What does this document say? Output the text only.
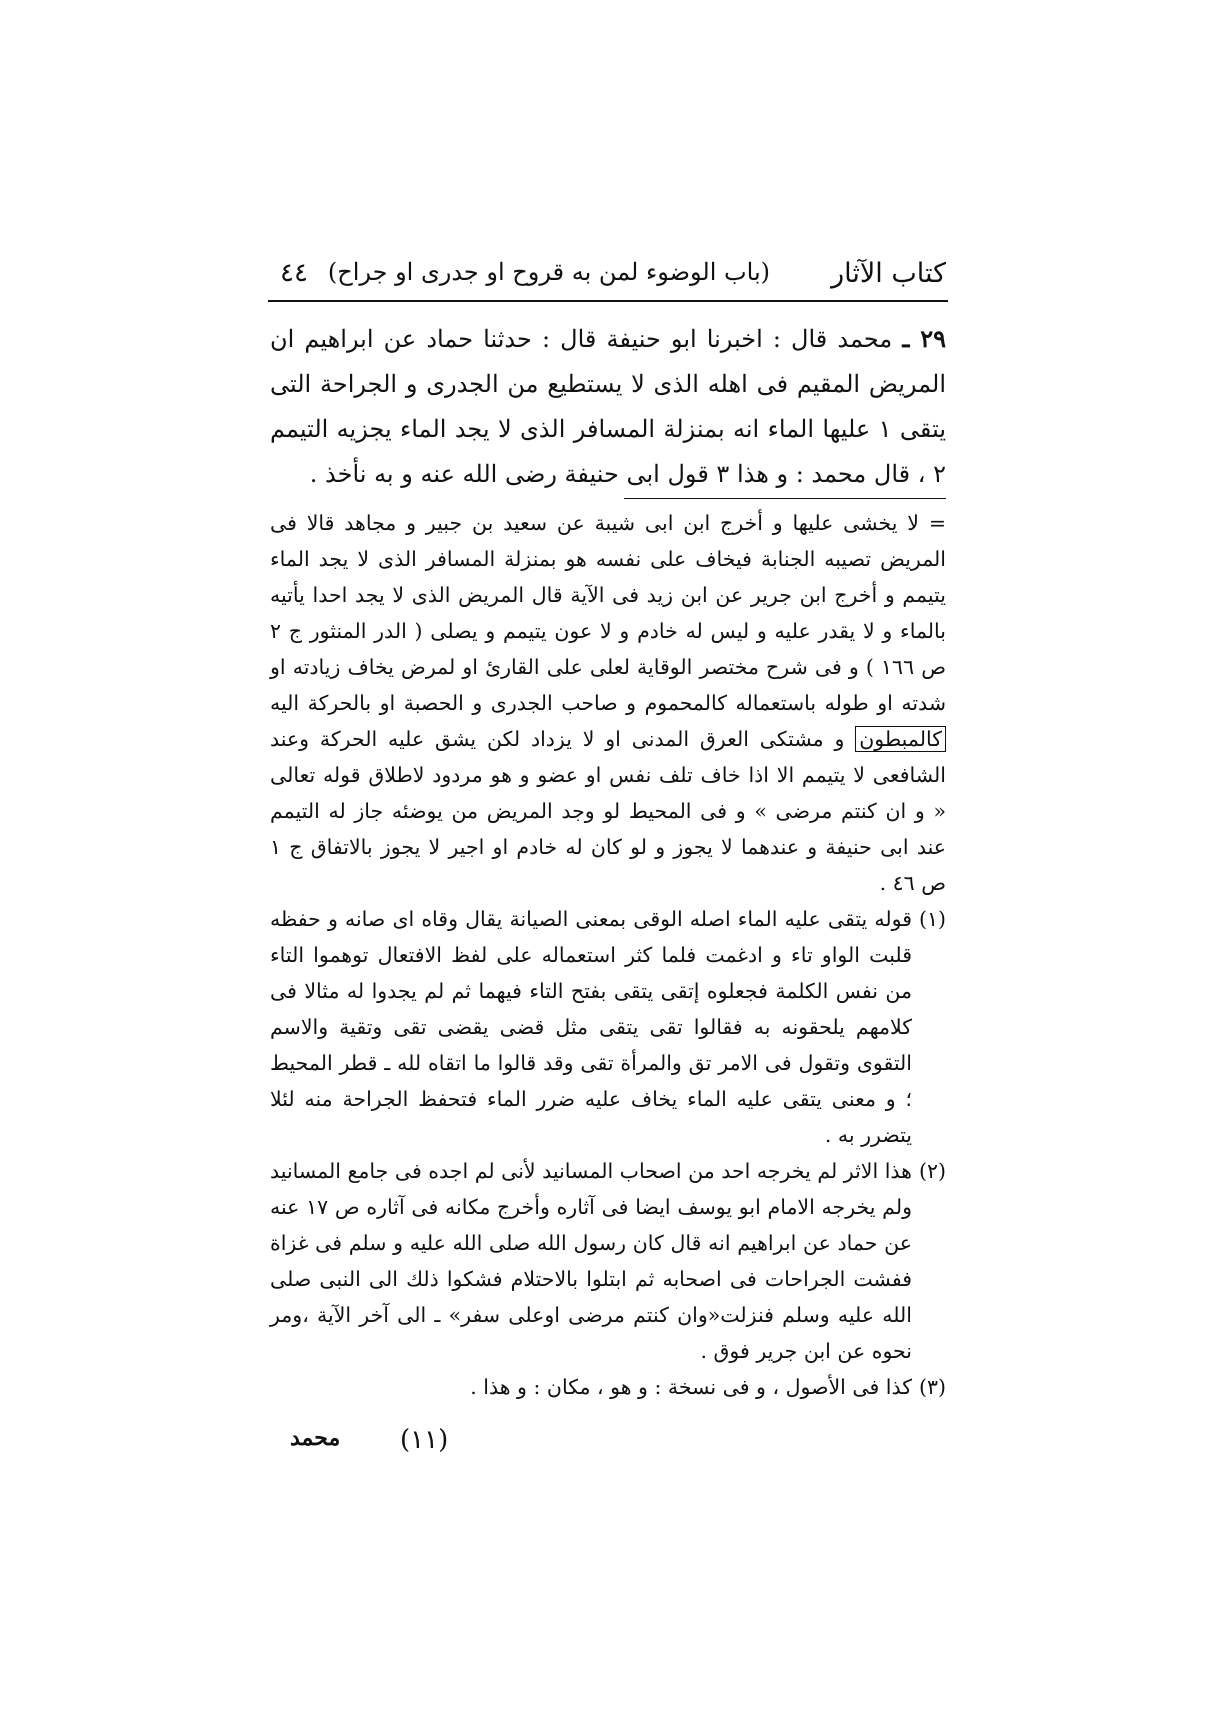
كتاب الآثار
(باب الوضوء لمن به قروح او جدرى او جراح)
٤٤
٢٩ ـ محمد قال : اخبرنا ابو حنيفة قال : حدثنا حماد عن ابراهيم ان المريض المقيم فى اهله الذى لا يستطيع من الجدرى و الجراحة التى يتقى ١ عليها الماء انه بمنزلة المسافر الذى لا يجد الماء يجزيه التيمم ٢ ، قال محمد : و هذا ٣ قول ابى حنيفة رضى الله عنه و به نأخذ .

= لا يخشى عليها و أخرج ابن ابى شيبة عن سعيد بن جبير و مجاهد قالا فى المريض تصيبه الجنابة فيخاف على نفسه هو بمنزلة المسافر الذى لا يجد الماء يتيمم و أخرج ابن جرير عن ابن زيد فى الآية قال المريض الذى لا يجد احدا يأتيه بالماء و لا يقدر عليه و ليس له خادم و لا عون يتيمم و يصلى ( الدر المنثور ج ٢ ص ١٦٦ ) و فى شرح مختصر الوقاية لعلى على القارئ او لمرض يخاف زيادته او شدته او طوله باستعماله كالمحموم و صاحب الجدرى و الحصبة او بالحركة اليه كالمبطون و مشتكى العرق المدنى او لا يزداد لكن يشق عليه الحركة وعند الشافعى لا يتيمم الا اذا خاف تلف نفس او عضو و هو مردود لاطلاق قوله تعالى « و ان كنتم مرضى » و فى المحيط لو وجد المريض من يوضئه جاز له التيمم عند ابى حنيفة و عندهما لا يجوز و لو كان له خادم او اجير لا يجوز بالاتفاق ج ١ ص ٤٦ .

(١)
قوله يتقى عليه الماء اصله الوقى بمعنى الصيانة يقال وقاه اى صانه و حفظه قلبت الواو تاء و ادغمت فلما كثر استعماله على لفظ الافتعال توهموا التاء من نفس الكلمة فجعلوه إتقى يتقى بفتح التاء فيهما ثم لم يجدوا له مثالا فى كلامهم يلحقونه به فقالوا تقى يتقى مثل قضى يقضى تقى وتقية والاسم التقوى وتقول فى الامر تق والمرأة تقى وقد قالوا ما اتقاه لله ـ قطر المحيط ؛ و معنى يتقى عليه الماء يخاف عليه ضرر الماء فتحفظ الجراحة منه لئلا يتضرر به .

(٢)
هذا الاثر لم يخرجه احد من اصحاب المسانيد لأنى لم اجده فى جامع المسانيد ولم يخرجه الامام ابو يوسف ايضا فى آثاره وأخرج مكانه فى آثاره ص ١٧ عنه عن حماد عن ابراهيم انه قال كان رسول الله صلى الله عليه و سلم فى غزاة ففشت الجراحات فى اصحابه ثم ابتلوا بالاحتلام فشكوا ذلك الى النبى صلى الله عليه وسلم فنزلت«وان كنتم مرضى اوعلى سفر» ـ الى آخر الآية ،ومر نحوه عن ابن جرير فوق .

(٣)
كذا فى الأصول ، و فى نسخة : و هو ، مكان : و هذا .

محمد (١١)
